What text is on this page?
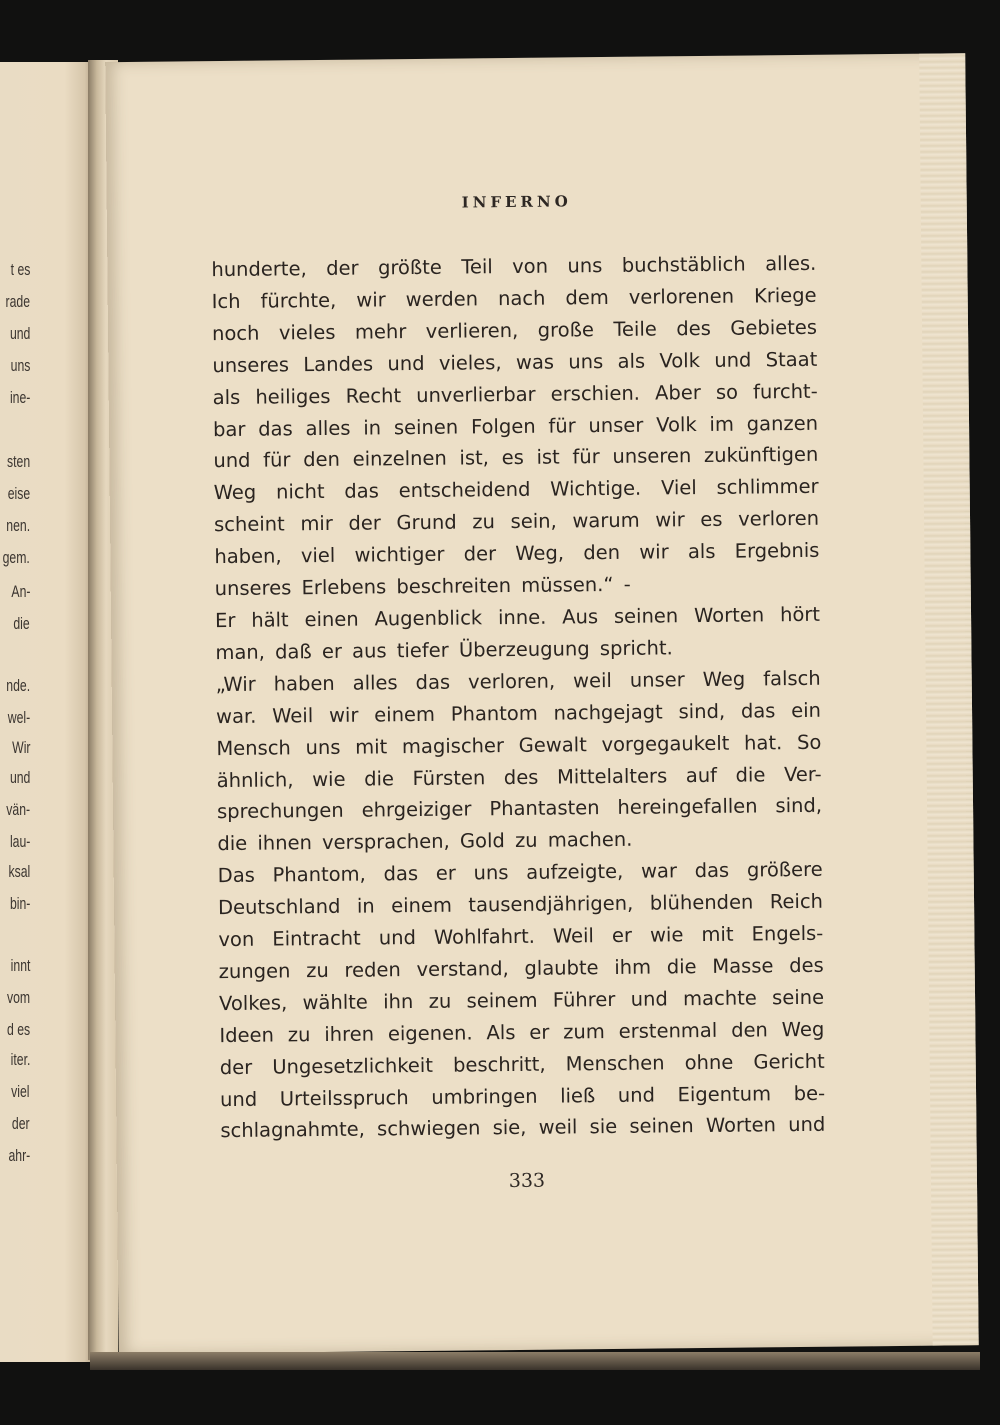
t es
rade
und
uns
ine-
sten
eise
nen.
gem.
An-
die
nde.
wel-
Wir
und
vän-
lau-
ksal
bin-
innt
vom
d es
iter.
viel
der
ahr-
INFERNO
hunderte, der größte Teil von uns buchstäblich alles.
Ich fürchte, wir werden nach dem verlorenen Kriege
noch vieles mehr verlieren, große Teile des Gebietes
unseres Landes und vieles, was uns als Volk und Staat
als heiliges Recht unverlierbar erschien. Aber so furcht-
bar das alles in seinen Folgen für unser Volk im ganzen
und für den einzelnen ist, es ist für unseren zukünftigen
Weg nicht das entscheidend Wichtige. Viel schlimmer
scheint mir der Grund zu sein, warum wir es verloren
haben, viel wichtiger der Weg, den wir als Ergebnis
unseres Erlebens beschreiten müssen.“ -
Er hält einen Augenblick inne. Aus seinen Worten hört
man, daß er aus tiefer Überzeugung spricht.
„Wir haben alles das verloren, weil unser Weg falsch
war. Weil wir einem Phantom nachgejagt sind, das ein
Mensch uns mit magischer Gewalt vorgegaukelt hat. So
ähnlich, wie die Fürsten des Mittelalters auf die Ver-
sprechungen ehrgeiziger Phantasten hereingefallen sind,
die ihnen versprachen, Gold zu machen.
Das Phantom, das er uns aufzeigte, war das größere
Deutschland in einem tausendjährigen, blühenden Reich
von Eintracht und Wohlfahrt. Weil er wie mit Engels-
zungen zu reden verstand, glaubte ihm die Masse des
Volkes, wählte ihn zu seinem Führer und machte seine
Ideen zu ihren eigenen. Als er zum erstenmal den Weg
der Ungesetzlichkeit beschritt, Menschen ohne Gericht
und Urteilsspruch umbringen ließ und Eigentum be-
schlagnahmte, schwiegen sie, weil sie seinen Worten und
333
